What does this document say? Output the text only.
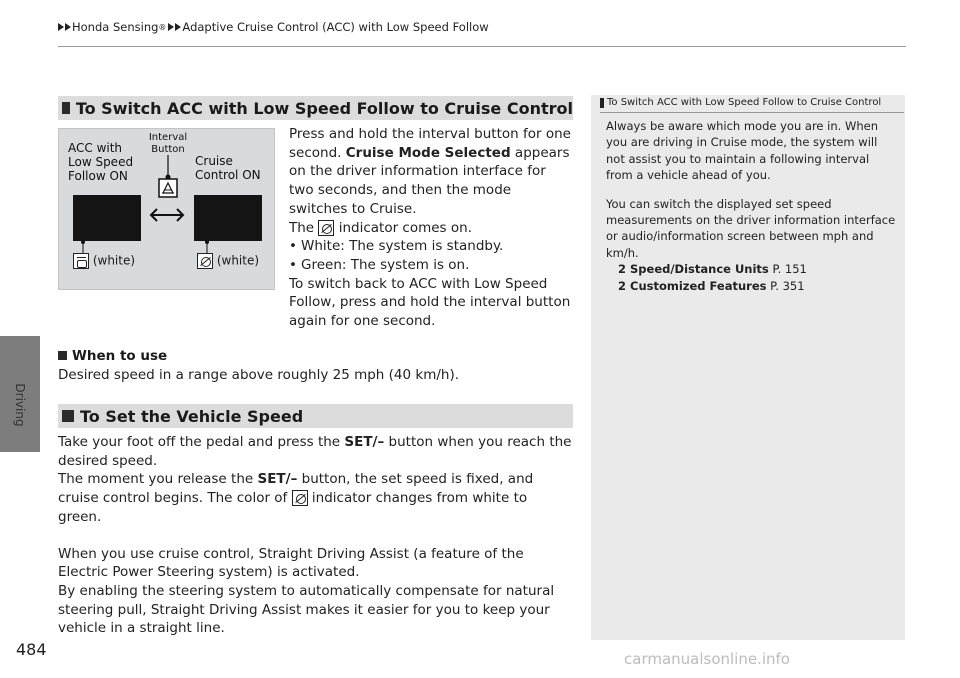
Driving
Honda Sensing ® Adaptive Cruise Control (ACC) with Low Speed Follow
To Switch ACC with Low Speed Follow to Cruise Control
ACC with Low Speed Follow ON
Interval Button
Cruise Control ON
(white)	(white)
Press and hold the interval button for one second. Cruise Mode Selected appears on the driver information interface for two seconds, and then the mode switches to Cruise.
The indicator comes on.
• White: The system is standby.
• Green: The system is on.
To switch back to ACC with Low Speed Follow, press and hold the interval button again for one second.
When to use
Desired speed in a range above roughly 25 mph (40 km/h).
To Set the Vehicle Speed
Take your foot off the pedal and press the SET/– button when you reach the desired speed.
The moment you release the SET/– button, the set speed is fixed, and cruise control begins. The color of indicator changes from white to green.
When you use cruise control, Straight Driving Assist (a feature of the Electric Power Steering system) is activated.
By enabling the steering system to automatically compensate for natural steering pull, Straight Driving Assist makes it easier for you to keep your vehicle in a straight line.
To Switch ACC with Low Speed Follow to Cruise Control
Always be aware which mode you are in. When you are driving in Cruise mode, the system will not assist you to maintain a following interval from a vehicle ahead of you.
You can switch the displayed set speed measurements on the driver information interface or audio/information screen between mph and km/h.
2 Speed/Distance Units P. 151
2 Customized Features P. 351
484	carmanualsonline.info
